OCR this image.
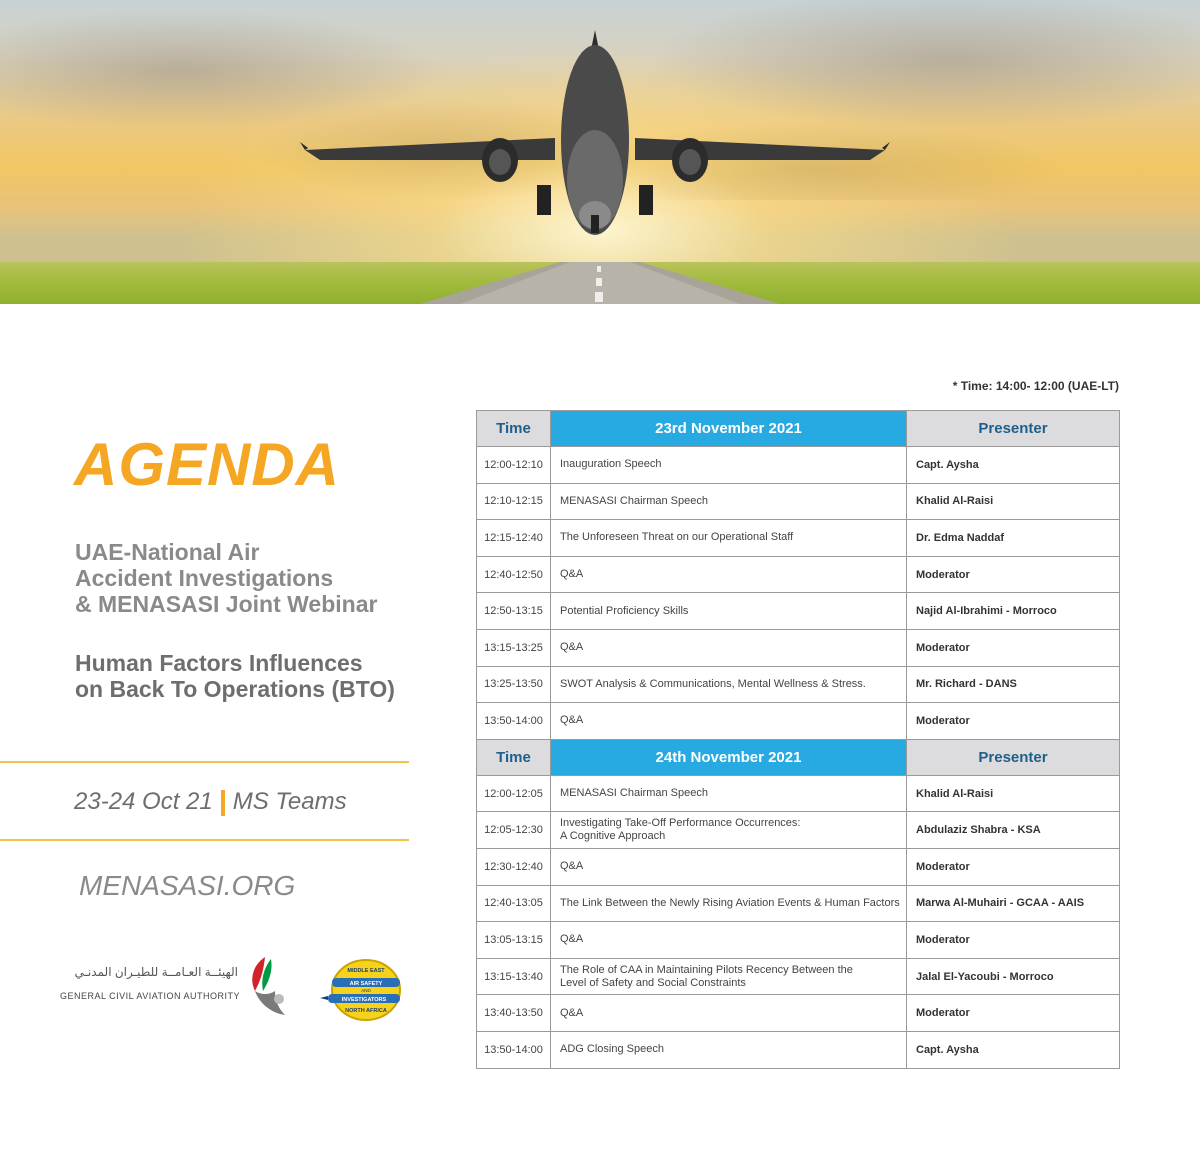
* Time: 14:00- 12:00 (UAE-LT)
AGENDA
UAE-National Air
Accident Investigations
& MENASASI Joint Webinar
Human Factors Influences
on Back To Operations (BTO)
23-24 Oct 21 MS Teams
MENASASI.ORG
الهيئــة العـامــة للطيـران المدنـي
GENERAL CIVIL AVIATION AUTHORITY
MIDDLE EAST
AIR SAFETY
AND
INVESTIGATORS
NORTH AFRICA
Time	23rd November 2021	Presenter
12:00-12:10	Inauguration Speech	Capt. Aysha
12:10-12:15	MENASASI Chairman Speech	Khalid Al-Raisi
12:15-12:40	The Unforeseen Threat on our Operational Staff	Dr. Edma Naddaf
12:40-12:50	Q&A	Moderator
12:50-13:15	Potential Proficiency Skills	Najid Al-Ibrahimi - Morroco
13:15-13:25	Q&A	Moderator
13:25-13:50	SWOT Analysis & Communications, Mental Wellness & Stress.	Mr. Richard - DANS
13:50-14:00	Q&A	Moderator
Time	24th November 2021	Presenter
12:00-12:05	MENASASI Chairman Speech	Khalid Al-Raisi
12:05-12:30	Investigating Take-Off Performance Occurrences:
A Cognitive Approach	Abdulaziz Shabra - KSA
12:30-12:40	Q&A	Moderator
12:40-13:05	The Link Between the Newly Rising Aviation Events & Human Factors	Marwa Al-Muhairi - GCAA - AAIS
13:05-13:15	Q&A	Moderator
13:15-13:40	The Role of CAA in Maintaining Pilots Recency Between the
Level of Safety and Social Constraints	Jalal El-Yacoubi - Morroco
13:40-13:50	Q&A	Moderator
13:50-14:00	ADG Closing Speech	Capt. Aysha
